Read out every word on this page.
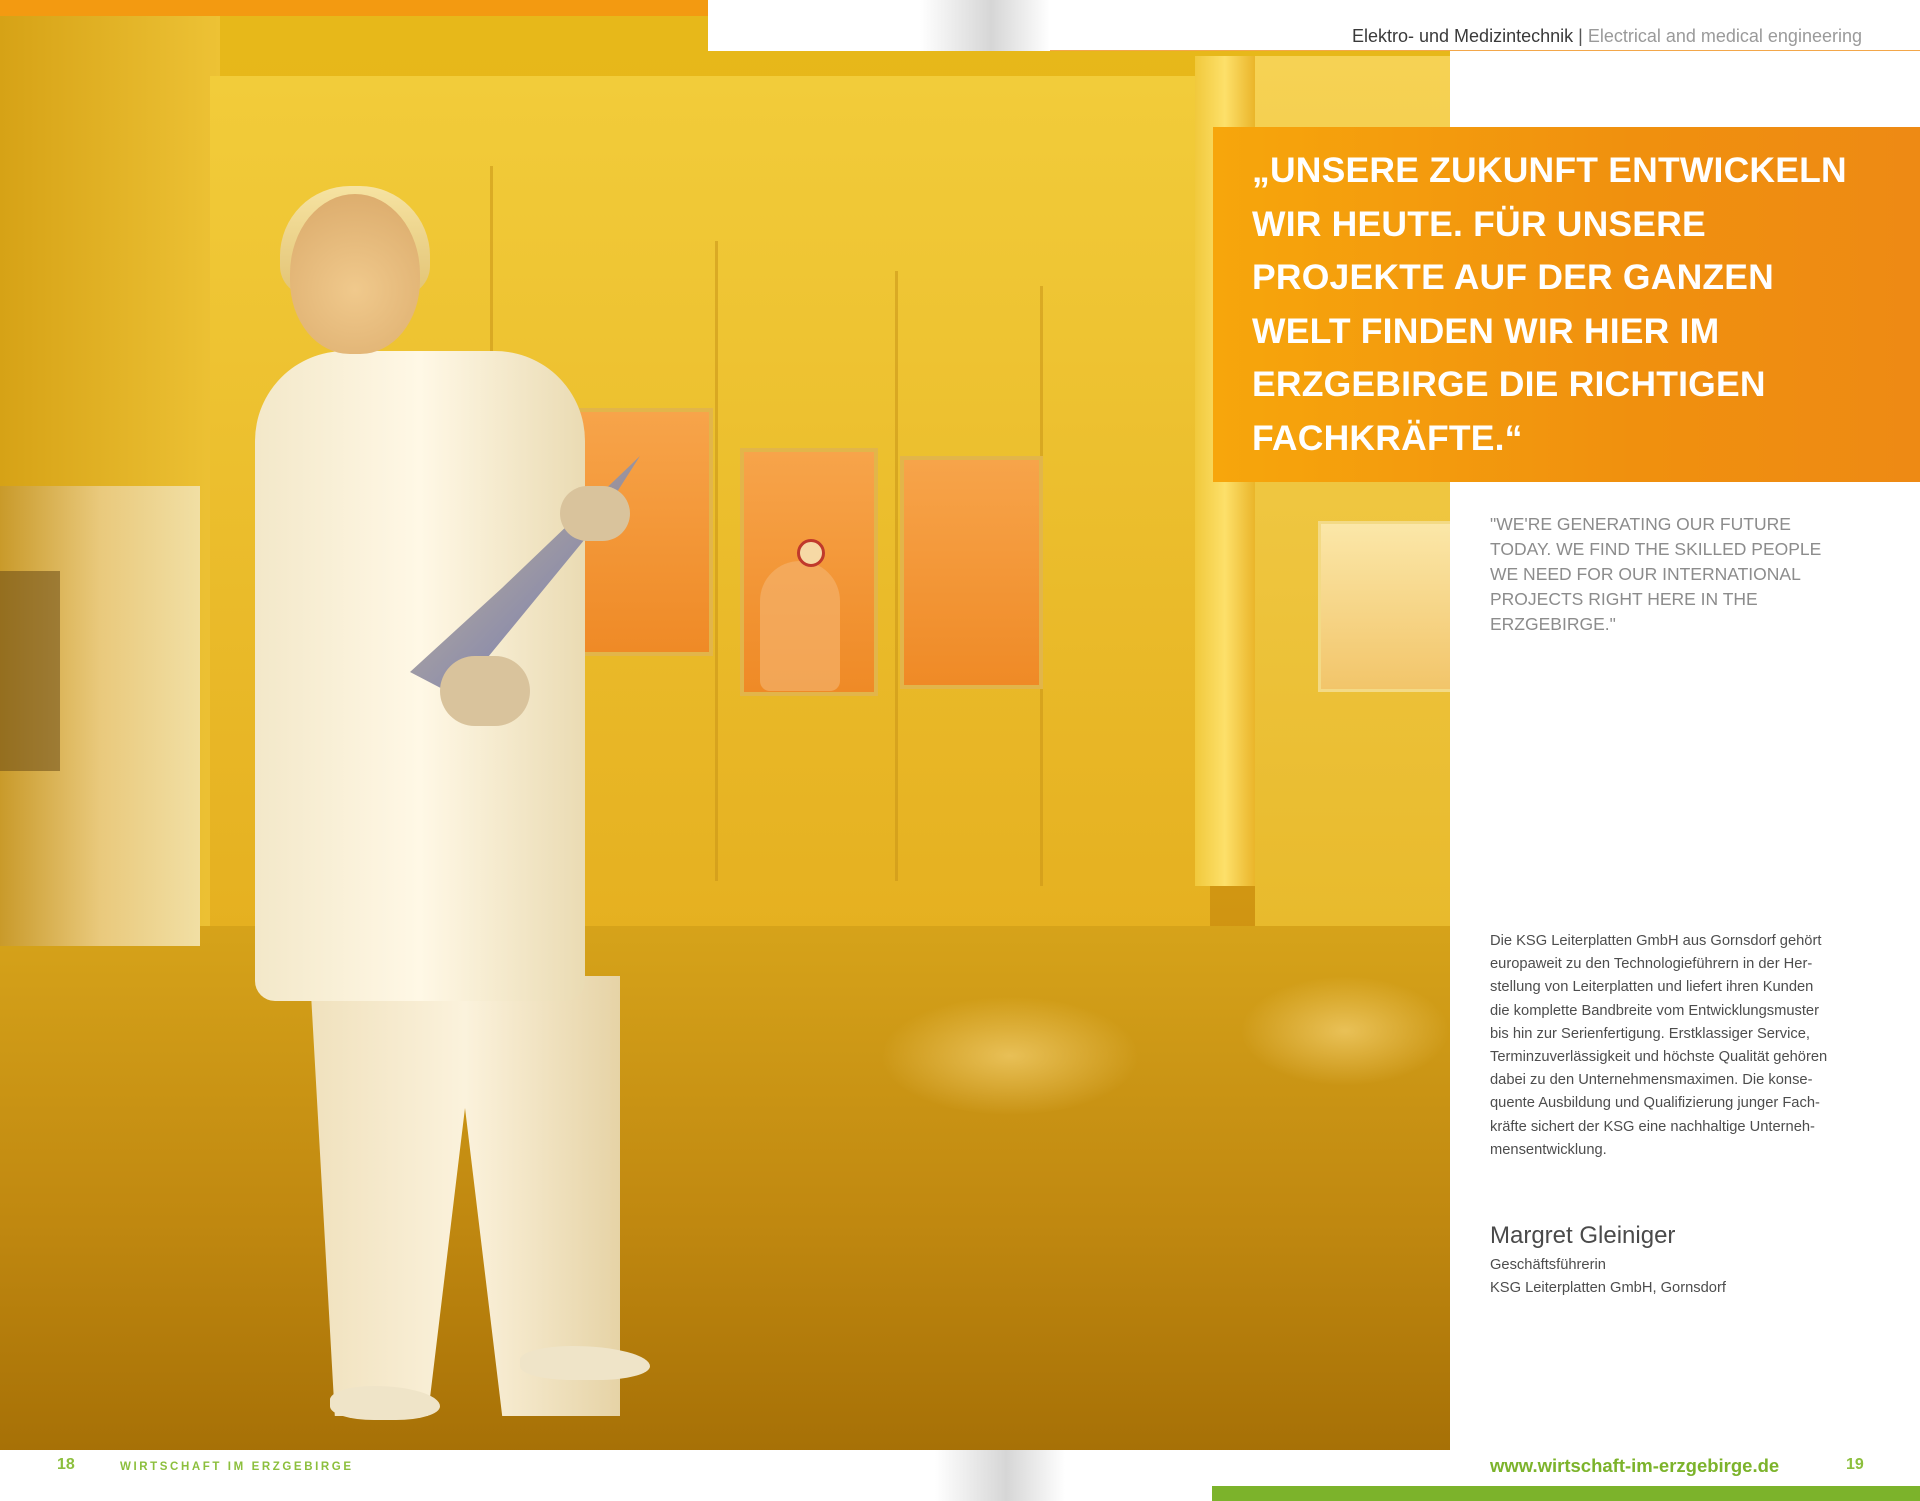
Elektro- und Medizintechnik | Electrical and medical engineering
„UNSERE ZUKUNFT ENTWICKELN
WIR HEUTE. FÜR UNSERE
PROJEKTE AUF DER GANZEN
WELT FINDEN WIR HIER IM
ERZGEBIRGE DIE RICHTIGEN
FACHKRÄFTE.“
"WE'RE GENERATING OUR FUTURE
TODAY. WE FIND THE SKILLED PEOPLE
WE NEED FOR OUR INTERNATIONAL
PROJECTS RIGHT HERE IN THE
ERZGEBIRGE."
Die KSG Leiterplatten GmbH aus Gornsdorf gehört
europaweit zu den Technologieführern in der Her-
stellung von Leiterplatten und liefert ihren Kunden
die komplette Bandbreite vom Entwicklungsmuster
bis hin zur Serienfertigung. Erstklassiger Service,
Terminzuverlässigkeit und höchste Qualität gehören
dabei zu den Unternehmensmaximen. Die konse-
quente Ausbildung und Qualifizierung junger Fach-
kräfte sichert der KSG eine nachhaltige Unterneh-
mensentwicklung.
Margret Gleiniger
Geschäftsführerin
KSG Leiterplatten GmbH, Gornsdorf
18	WIRTSCHAFT IM ERZGEBIRGE	www.wirtschaft-im-erzgebirge.de	19
